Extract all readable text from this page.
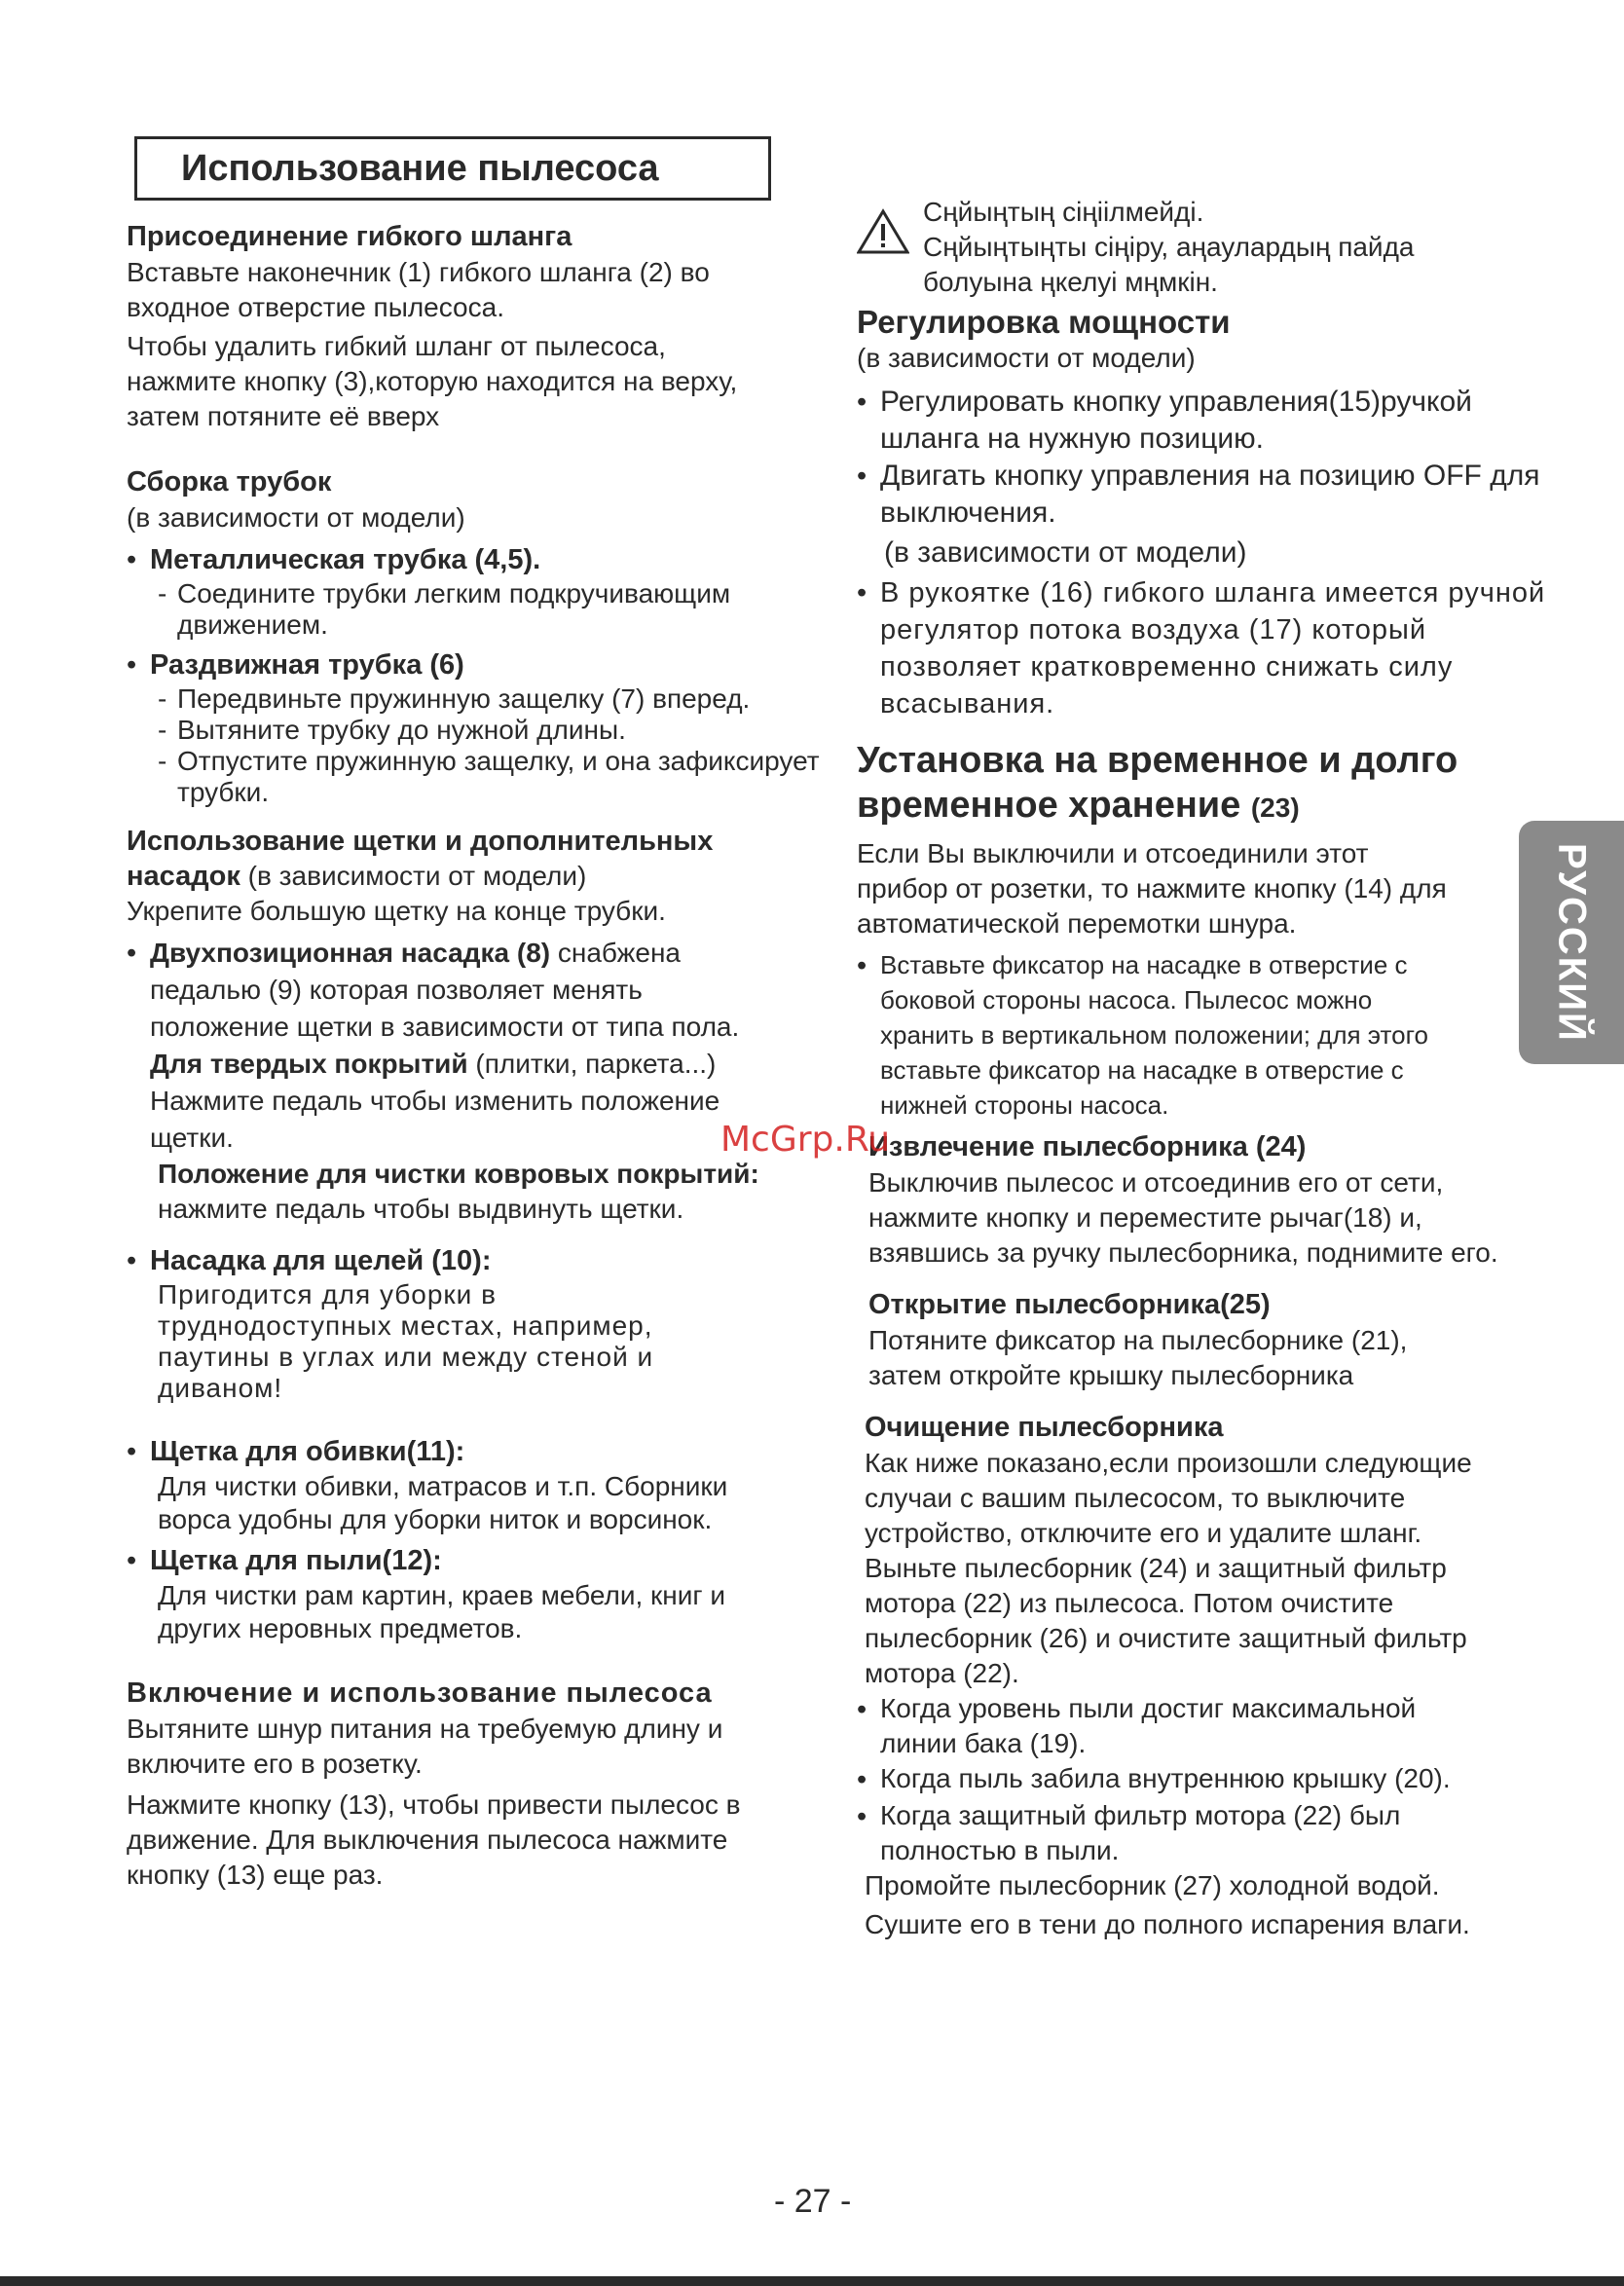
Использование пылесоса

Присоединение гибкого шланга

Вставьте наконечник (1) гибкого шланга (2) во входное отверстие пылесоса.

Чтобы удалить гибкий шланг от пылесоса, нажмите кнопку (3),которую находится на верху, затем потяните её вверх

Сборка трубок

(в зависимости от модели)

• Металлическая трубка (4,5).
- Соедините трубки легким подкручивающим движением.
• Раздвижная трубка (6)
- Передвиньте пружинную защелку (7) вперед.
- Вытяните трубку до нужной длины.
- Отпустите пружинную защелку, и она зафиксирует трубки.

Использование щетки и дополнительных насадок (в зависимости от модели)

Укрепите большую щетку на конце трубки.

• Двухпозиционная насадка (8) снабжена педалью (9) которая позволяет менять положение щетки в зависимости от типа пола. Для твердых покрытий (плитки, паркета...) Нажмите педаль чтобы изменить положение щетки.

Положение для чистки ковровых покрытий:

нажмите педаль чтобы выдвинуть щетки.

• Насадка для щелей (10):

Пригодится для уборки в труднодоступных местах, например, паутины в углах или между стеной и диваном!

• Щетка для обивки(11):

Для чистки обивки, матрасов и т.п. Сборники ворса удобны для уборки ниток и ворсинок.

• Щетка для пыли(12):

Для чистки рам картин, краев мебели, книг и других неровных предметов.

Включение и использование пылесоса

Вытяните шнур питания на требуемую длину и включите его в розетку.

Нажмите кнопку (13), чтобы привести пылесос в движение. Для выключения пылесоса нажмите кнопку (13) еще раз.

Сңйыңтың сіңіілмейді.

Сңйыңтыңты сіңіру, аңаулардың пайда болуына ңкелуі мңмкін.

Регулировка мощности

(в зависимости от модели)

• Регулировать кнопку управления(15)ручкой шланга на нужную позицию.
• Двигать кнопку управления на позицию OFF для выключения.

(в зависимости от модели)

• В рукоятке (16) гибкого шланга имеется ручной регулятор потока воздуха (17) который позволяет кратковременно снижать силу всасывания.

Установка на временное и долго временное хранение (23)

Если Вы выключили и отсоединили этот прибор от розетки, то нажмите кнопку (14) для автоматической перемотки шнура.

• Вставьте фиксатор на насадке в отверстие с боковой стороны насоса. Пылесос можно хранить в вертикальном положении; для этого вставьте фиксатор на насадке в отверстие с нижней стороны насоса.

Извлечение пылесборника (24)

Выключив пылесос и отсоединив его от сети, нажмите кнопку и переместите рычаг(18) и, взявшись за ручку пылесборника, поднимите его.

Открытие пылесборника(25)

Потяните фиксатор на пылесборнике (21), затем откройте крышку пылесборника

Очищение пылесборника

Как ниже показано,если произошли следующие случаи с вашим пылесосом, то выключите устройство, отключите его и удалите шланг. Выньте пылесборник (24) и защитный фильтр мотора (22) из пылесоса. Потом очистите пылесборник (26) и очистите защитный фильтр мотора (22).

• Когда уровень пыли достиг максимальной линии бака (19).
• Когда пыль забила внутреннюю крышку (20).
• Когда защитный фильтр мотора (22) был полностью в пыли.

Промойте пылесборник (27) холодной водой.

Сушите его в тени до полного испарения влаги.

РУССКИЙ
McGrp.Ru
- 27 -
